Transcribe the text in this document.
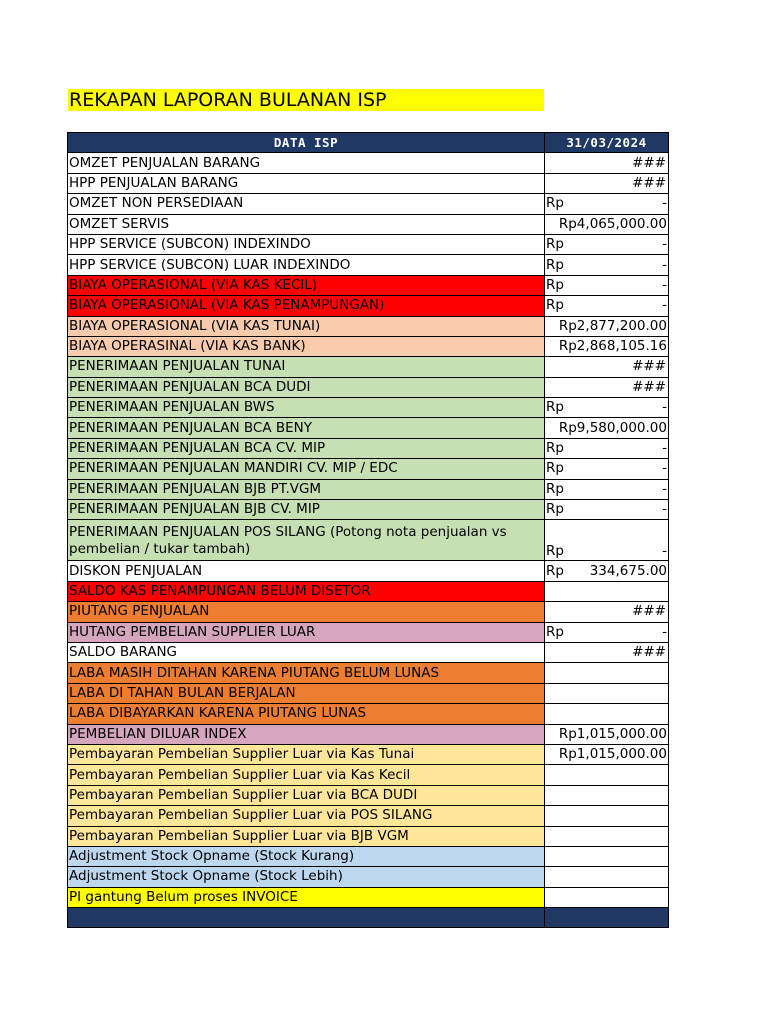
REKAPAN LAPORAN BULANAN ISP
DATA ISP	31/03/2024
OMZET PENJUALAN BARANG	###

HPP PENJUALAN BARANG	###

OMZET NON PERSEDIAAN	Rp -

OMZET SERVIS	Rp4,065,000.00

HPP SERVICE (SUBCON) INDEXINDO	Rp -

HPP SERVICE (SUBCON) LUAR INDEXINDO	Rp -

BIAYA OPERASIONAL (VIA KAS KECIL)	Rp -

BIAYA OPERASIONAL (VIA KAS PENAMPUNGAN)	Rp -

BIAYA OPERASIONAL (VIA KAS TUNAI)	Rp2,877,200.00

BIAYA OPERASINAL (VIA KAS BANK)	Rp2,868,105.16

PENERIMAAN PENJUALAN TUNAI	###

PENERIMAAN PENJUALAN BCA DUDI	###

PENERIMAAN PENJUALAN BWS	Rp -

PENERIMAAN PENJUALAN BCA BENY	Rp9,580,000.00

PENERIMAAN PENJUALAN BCA CV. MIP	Rp -

PENERIMAAN PENJUALAN MANDIRI CV. MIP / EDC	Rp -

PENERIMAAN PENJUALAN BJB PT.VGM	Rp -

PENERIMAAN PENJUALAN BJB CV. MIP	Rp -

PENERIMAAN PENJUALAN POS SILANG (Potong nota penjualan vs pembelian / tukar tambah)	Rp -

DISKON PENJUALAN	Rp 334,675.00

SALDO KAS PENAMPUNGAN BELUM DISETOR	
PIUTANG PENJUALAN	###

HUTANG PEMBELIAN SUPPLIER LUAR	Rp -

SALDO BARANG	###

LABA MASIH DITAHAN KARENA PIUTANG BELUM LUNAS	
LABA DI TAHAN BULAN BERJALAN	
LABA DIBAYARKAN KARENA PIUTANG LUNAS	
PEMBELIAN DILUAR INDEX	Rp1,015,000.00

Pembayaran Pembelian Supplier Luar via Kas Tunai	Rp1,015,000.00

Pembayaran Pembelian Supplier Luar via Kas Kecil	
Pembayaran Pembelian Supplier Luar via BCA DUDI	
Pembayaran Pembelian Supplier Luar via POS SILANG	
Pembayaran Pembelian Supplier Luar via BJB VGM	
Adjustment Stock Opname (Stock Kurang)	
Adjustment Stock Opname (Stock Lebih)	
PI gantung Belum proses INVOICE	
